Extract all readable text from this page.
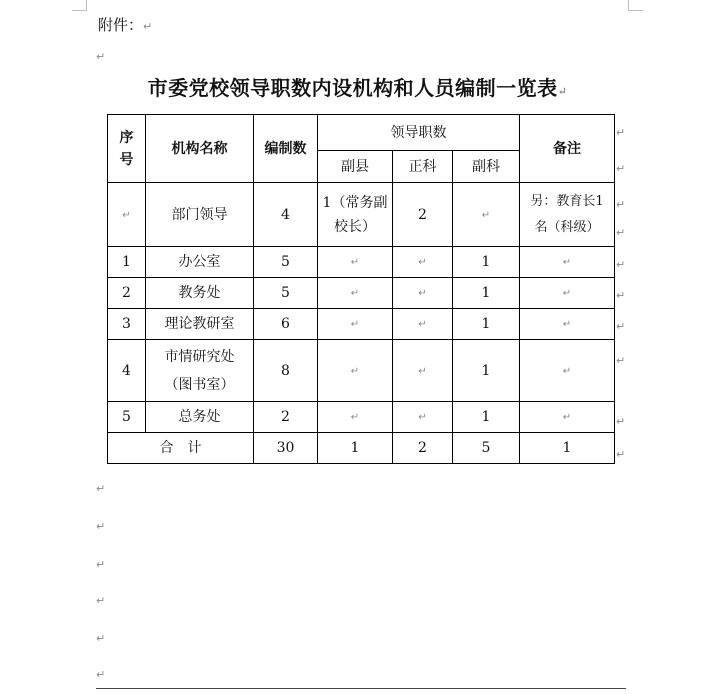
附件：↵
↵
市委党校领导职数内设机构和人员编制一览表↵
序号	机构名称	编制数	领导职数			备注
			副县	正科	副科	
↵	部门领导	4	1（常务副校长）	2	↵	另：教育长1名（科级）
1	办公室	5	↵	↵	1	↵
2	教务处	5	↵	↵	1	↵
3	理论教研室	6	↵	↵	1	↵
4	市情研究处（图书室）	8	↵	↵	1	↵
5	总务处	2	↵	↵	1	↵
合　计		30	1	2	5	1
↵
↵
↵
↵
↵
↵
↵
↵
↵
↵
↵
↵
↵
↵
↵
↵
